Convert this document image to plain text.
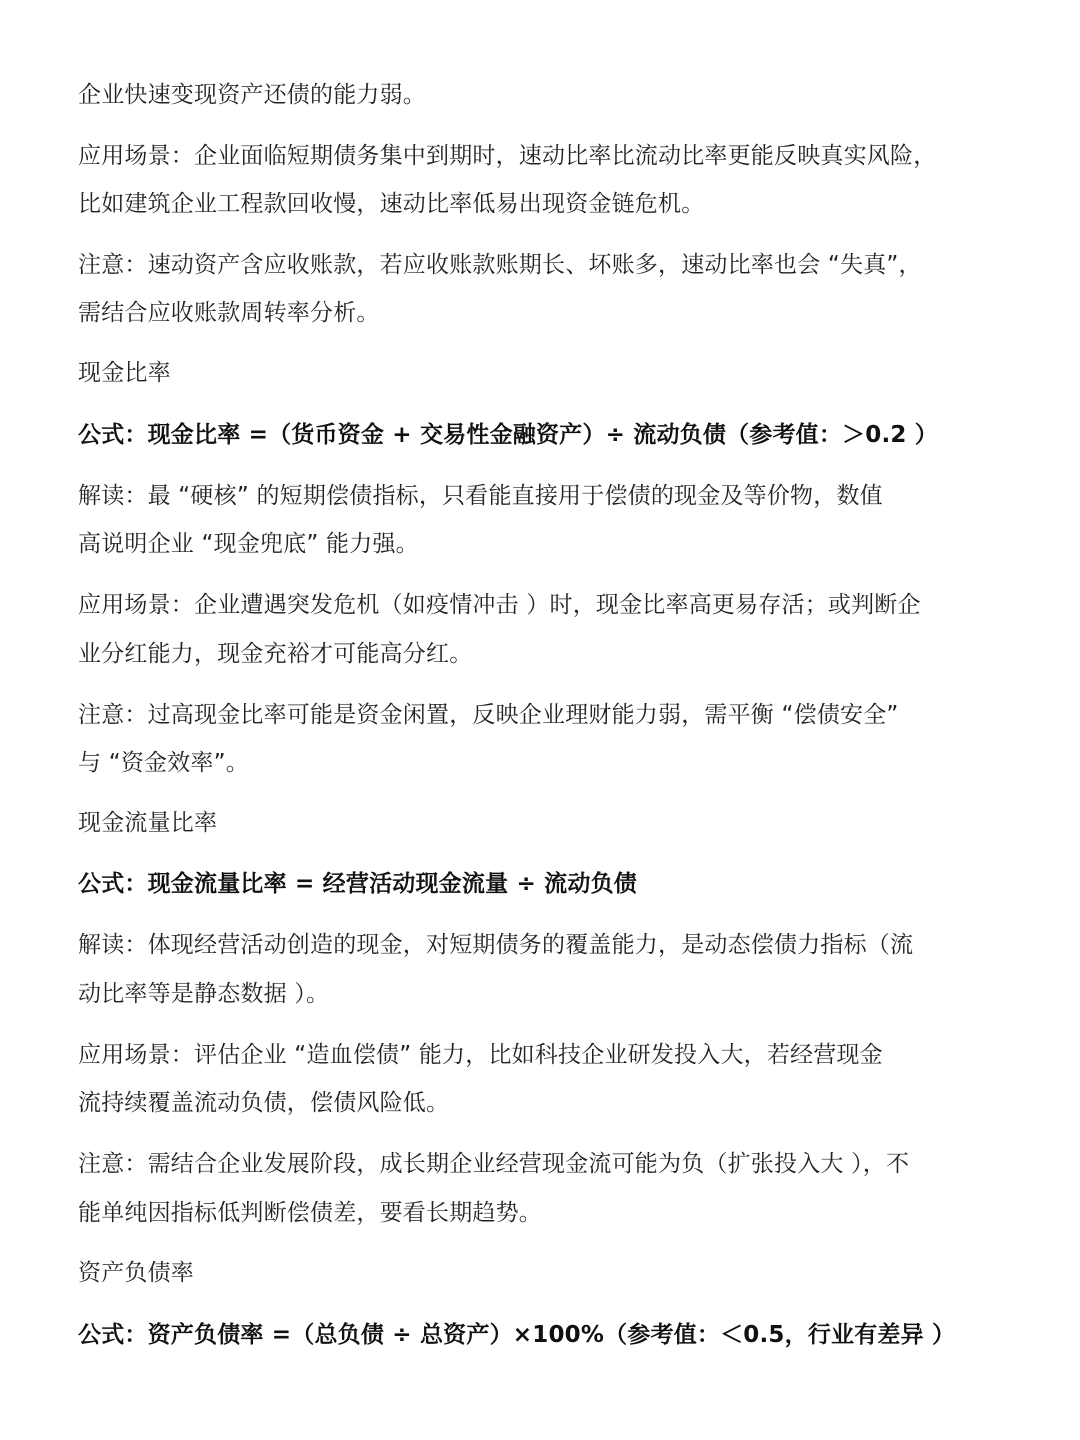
企业快速变现资产还债的能力弱。
应用场景：企业面临短期债务集中到期时，速动比率比流动比率更能反映真实风险，
比如建筑企业工程款回收慢，速动比率低易出现资金链危机。
注意：速动资产含应收账款，若应收账款账期长、坏账多，速动比率也会 “失真”，
需结合应收账款周转率分析。
现金比率
公式：现金比率 =（货币资金 + 交易性金融资产）÷ 流动负债（参考值：＞0.2 ）
解读：最 “硬核” 的短期偿债指标，只看能直接用于偿债的现金及等价物，数值
高说明企业 “现金兜底” 能力强。
应用场景：企业遭遇突发危机（如疫情冲击 ）时，现金比率高更易存活；或判断企
业分红能力，现金充裕才可能高分红。
注意：过高现金比率可能是资金闲置，反映企业理财能力弱，需平衡 “偿债安全”
与 “资金效率”。
现金流量比率
公式：现金流量比率 = 经营活动现金流量 ÷ 流动负债
解读：体现经营活动创造的现金，对短期债务的覆盖能力，是动态偿债力指标（流
动比率等是静态数据 ）。
应用场景：评估企业 “造血偿债” 能力，比如科技企业研发投入大，若经营现金
流持续覆盖流动负债，偿债风险低。
注意：需结合企业发展阶段，成长期企业经营现金流可能为负（扩张投入大 ），不
能单纯因指标低判断偿债差，要看长期趋势。
资产负债率
公式：资产负债率 =（总负债 ÷ 总资产）×100%（参考值：＜0.5，行业有差异 ）
